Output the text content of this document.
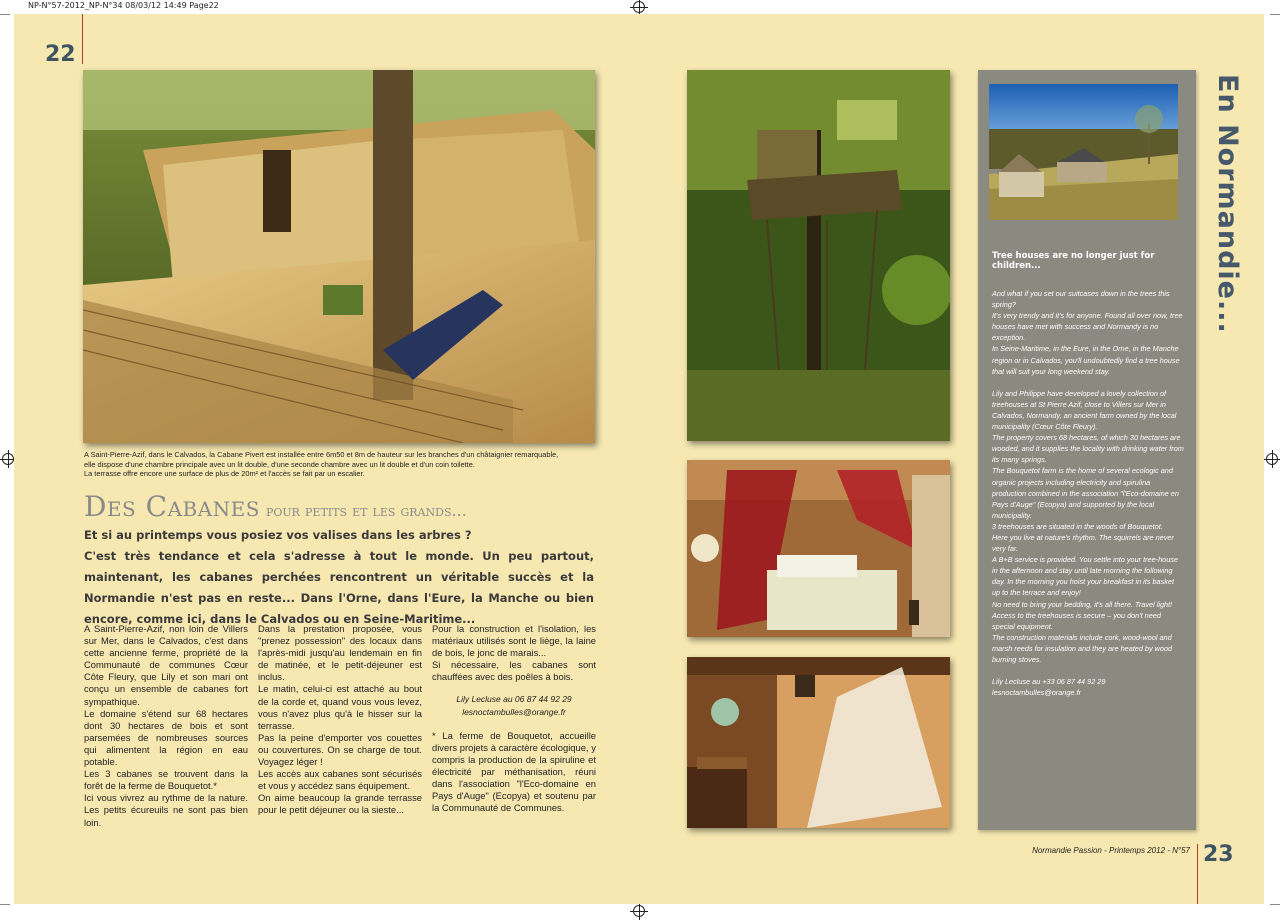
NP-N°57-2012_NP-N°34 08/03/12 14:49 Page22
22

A Saint-Pierre-Azif, dans le Calvados, la Cabane Pivert est installée entre 6m50 et 8m de hauteur sur les branches d'un châtaignier remarquable,

elle dispose d'une chambre principale avec un lit double, d'une seconde chambre avec un lit double et d'un coin toilette.

La terrasse offre encore une surface de plus de 20m² et l'accès se fait par un escalier.

Des Cabanes pour petits et les grands...

Et si au printemps vous posiez vos valises dans les arbres ?

C'est très tendance et cela s'adresse à tout le monde. Un peu partout, maintenant, les cabanes perchées rencontrent un véritable succès et la Normandie n'est pas en reste... Dans l'Orne, dans l'Eure, la Manche ou bien encore, comme ici, dans le Calvados ou en Seine-Maritime...

A Saint-Pierre-Azif, non loin de Villers sur Mer, dans le Calvados, c'est dans cette ancienne ferme, propriété de la Communauté de communes Cœur Côte Fleury, que Lily et son mari ont conçu un ensemble de cabanes fort sympathique.

Le domaine s'étend sur 68 hectares dont 30 hectares de bois et sont parsemées de nombreuses sources qui alimentent la région en eau potable.

Les 3 cabanes se trouvent dans la forêt de la ferme de Bouquetot.*

Ici vous vivrez au rythme de la nature. Les petits écureuils ne sont pas bien loin.

Dans la prestation proposée, vous "prenez possession" des locaux dans l'après-midi jusqu'au lendemain en fin de matinée, et le petit-déjeuner est inclus.

Le matin, celui-ci est attaché au bout de la corde et, quand vous vous levez, vous n'avez plus qu'à le hisser sur la terrasse.

Pas la peine d'emporter vos couettes ou couvertures. On se charge de tout. Voyagez léger !

Les accès aux cabanes sont sécurisés et vous y accédez sans équipement.

On aime beaucoup la grande terrasse pour le petit déjeuner ou la sieste...

Pour la construction et l'isolation, les matériaux utilisés sont le liège, la laine de bois, le jonc de marais...

Si nécessaire, les cabanes sont chauffées avec des poêles à bois.

Lily Lecluse au 06 87 44 92 29
lesnoctambulles@orange.fr

* La ferme de Bouquetot, accueille divers projets à caractère écologique, y compris la production de la spiruline et électricité par méthanisation, réuni dans l'association "l'Eco-domaine en Pays d'Auge" (Ecopya) et soutenu par la Communauté de Communes.

Tree houses are no longer just for children...

And what if you set our suitcases down in the trees this spring?

It's very trendy and it's for anyone. Found all over now, tree houses have met with success and Normandy is no exception.

In Seine-Maritime, in the Eure, in the Orne, in the Manche region or in Calvados, you'll undoubtedly find a tree house that will suit your long weekend stay.

Lily and Philippe have developed a lovely collection of treehouses at St Pierre Azif, close to Villers sur Mer in Calvados, Normandy, an ancient farm owned by the local municipality (Cœur Côte Fleury).

The property covers 68 hectares, of which 30 hectares are wooded, and it supplies the locality with drinking water from its many springs.

The Bouquetot farm is the home of several ecologic and organic projects including electricity and spirulina production combined in the association "l'Eco-domaine en Pays d'Auge" (Ecopya) and supported by the local municipality.

3 treehouses are situated in the woods of Bouquetot.

Here you live at nature's rhythm. The squirrels are never very far.

A B+B service is provided. You settle into your tree-house in the afternoon and stay until late morning the following day. In the morning you hoist your breakfast in its basket up to the terrace and enjoy!

No need to bring your bedding, it's all there. Travel light!

Access to the treehouses is secure – you don't need special equipment.

The construction materials include cork, wood-wool and marsh reeds for insulation and they are heated by wood burning stoves.

Lily Lecluse au +33 06 87 44 92 29

lesnoctambulles@orange.fr

En Normandie...
Normandie Passion - Printemps 2012 - N°57 23
